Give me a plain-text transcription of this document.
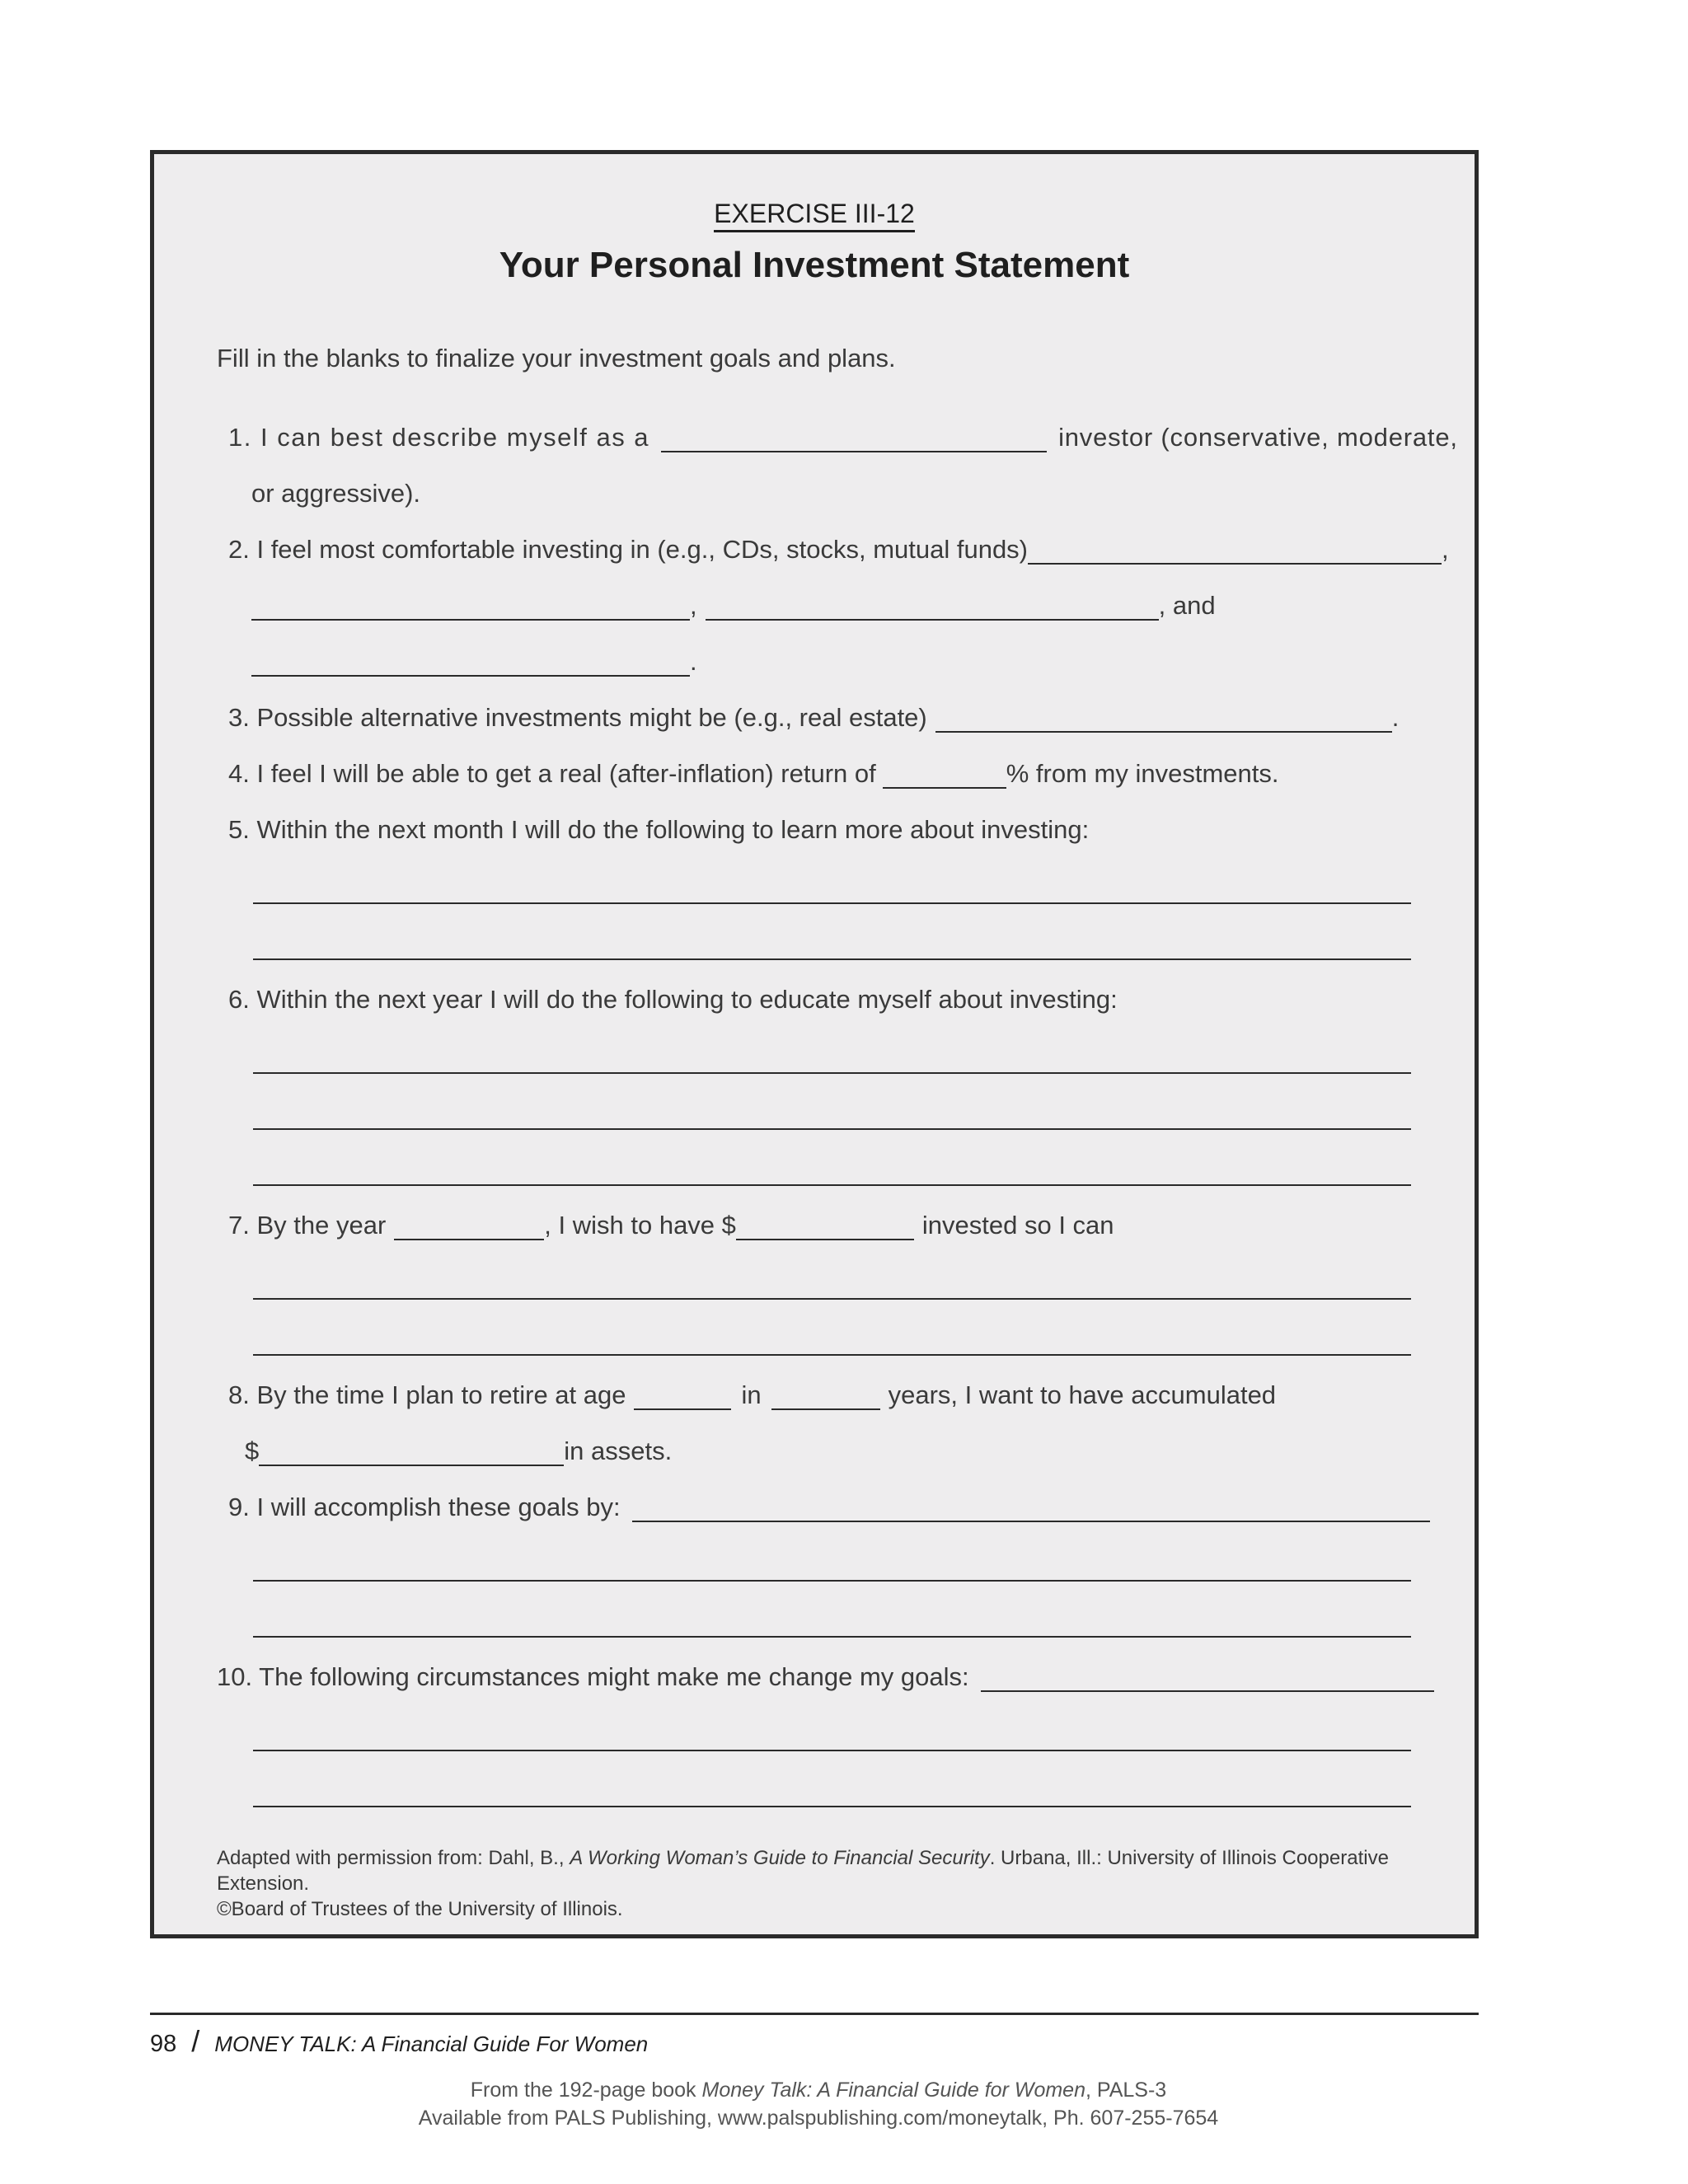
EXERCISE III-12
Your Personal Investment Statement
Fill in the blanks to finalize your investment goals and plans.
1. I can best describe myself as a	investor (conservative, moderate,
or aggressive).
2. I feel most comfortable investing in (e.g., CDs, stocks, mutual funds)	,
,	, and
.
3. Possible alternative investments might be (e.g., real estate)	.
4. I feel I will be able to get a real (after-inflation) return of	% from my investments.
5. Within the next month I will do the following to learn more about investing:
6. Within the next year I will do the following to educate myself about investing:
7. By the year	, I wish to have $	invested so I can
8. By the time I plan to retire at age	in	years, I want to have accumulated
$	in assets.
9. I will accomplish these goals by:
10. The following circumstances might make me change my goals:
Adapted with permission from: Dahl, B., A Working Woman’s Guide to Financial Security. Urbana, Ill.: University of Illinois Cooperative Extension.
©Board of Trustees of the University of Illinois.
98 / MONEY TALK: A Financial Guide For Women
From the 192-page book Money Talk: A Financial Guide for Women, PALS-3
Available from PALS Publishing, www.palspublishing.com/moneytalk, Ph. 607-255-7654
